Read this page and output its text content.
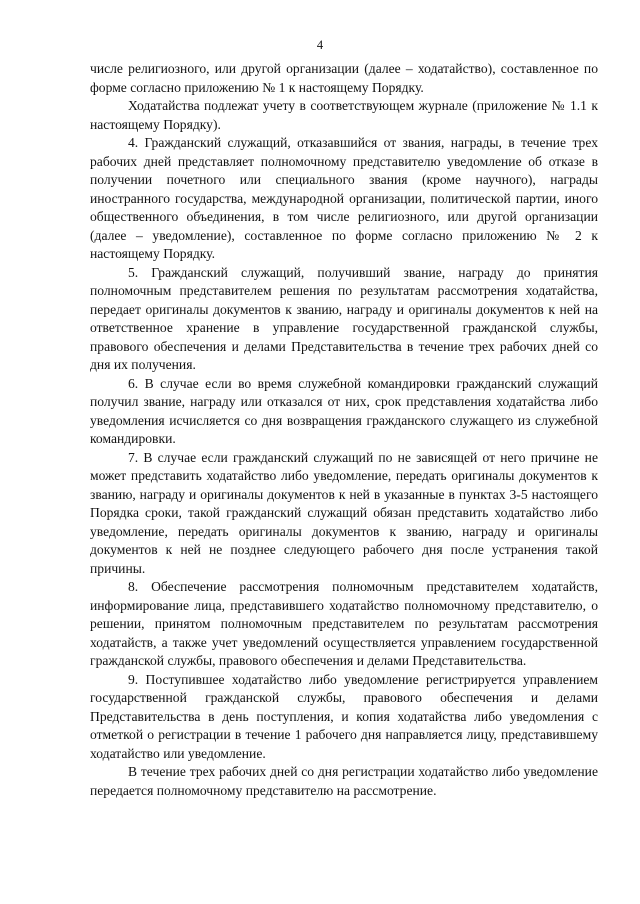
4

числе религиозного, или другой организации (далее – ходатайство), составленное по форме согласно приложению № 1 к настоящему Порядку.

Ходатайства подлежат учету в соответствующем журнале (приложение № 1.1 к настоящему Порядку).

4. Гражданский служащий, отказавшийся от звания, награды, в течение трех рабочих дней представляет полномочному представителю уведомление об отказе в получении почетного или специального звания (кроме научного), награды иностранного государства, международной организации, политической партии, иного общественного объединения, в том числе религиозного, или другой организации (далее – уведомление), составленное по форме согласно приложению № 2 к настоящему Порядку.

5. Гражданский служащий, получивший звание, награду до принятия полномочным представителем решения по результатам рассмотрения ходатайства, передает оригиналы документов к званию, награду и оригиналы документов к ней на ответственное хранение в управление государственной гражданской службы, правового обеспечения и делами Представительства в течение трех рабочих дней со дня их получения.

6. В случае если во время служебной командировки гражданский служащий получил звание, награду или отказался от них, срок представления ходатайства либо уведомления исчисляется со дня возвращения гражданского служащего из служебной командировки.

7. В случае если гражданский служащий по не зависящей от него причине не может представить ходатайство либо уведомление, передать оригиналы документов к званию, награду и оригиналы документов к ней в указанные в пунктах 3-5 настоящего Порядка сроки, такой гражданский служащий обязан представить ходатайство либо уведомление, передать оригиналы документов к званию, награду и оригиналы документов к ней не позднее следующего рабочего дня после устранения такой причины.

8. Обеспечение рассмотрения полномочным представителем ходатайств, информирование лица, представившего ходатайство полномочному представителю, о решении, принятом полномочным представителем по результатам рассмотрения ходатайств, а также учет уведомлений осуществляется управлением государственной гражданской службы, правового обеспечения и делами Представительства.

9. Поступившее ходатайство либо уведомление регистрируется управлением государственной гражданской службы, правового обеспечения и делами Представительства в день поступления, и копия ходатайства либо уведомления с отметкой о регистрации в течение 1 рабочего дня направляется лицу, представившему ходатайство или уведомление.

В течение трех рабочих дней со дня регистрации ходатайство либо уведомление передается полномочному представителю на рассмотрение.
